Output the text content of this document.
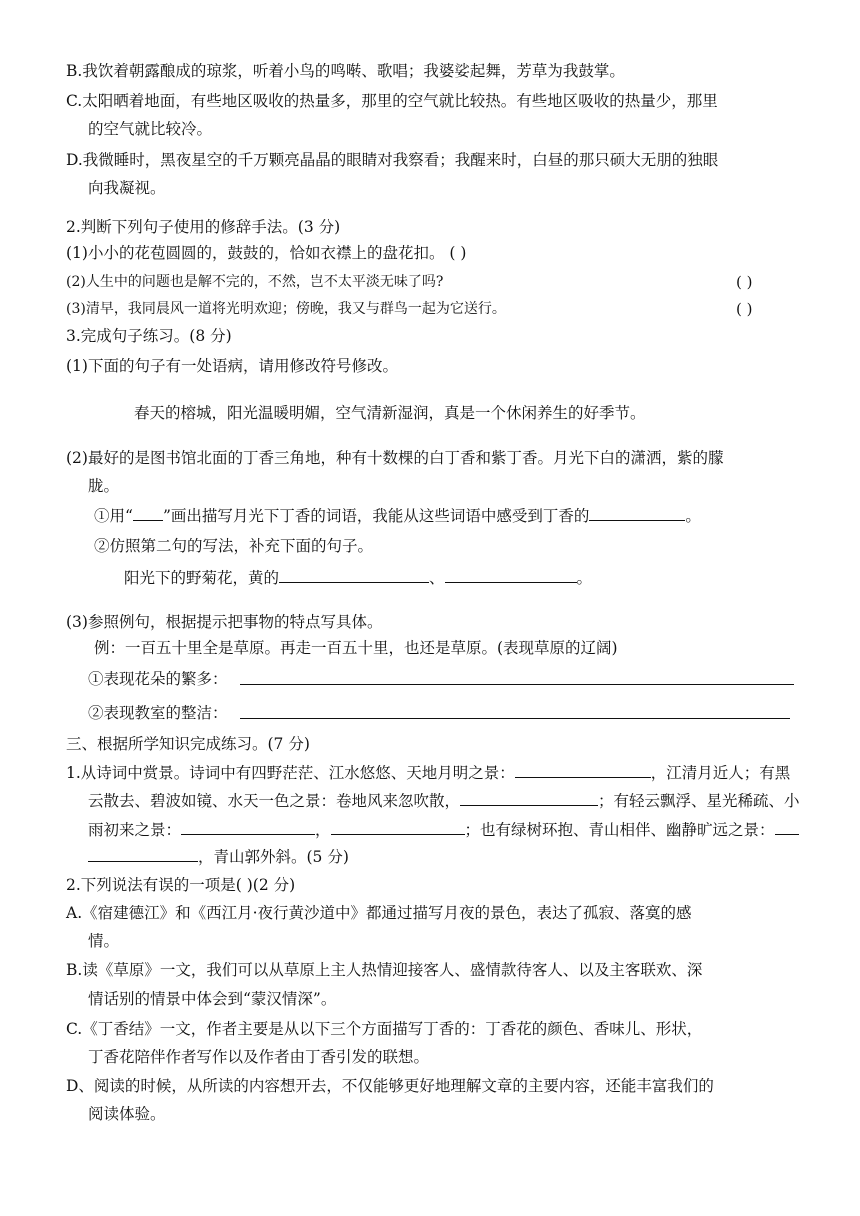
B.我饮着朝露酿成的琼浆，听着小鸟的鸣啭、歌唱；我婆娑起舞，芳草为我鼓掌。
C.太阳晒着地面，有些地区吸收的热量多，那里的空气就比较热。有些地区吸收的热量少，那里
的空气就比较冷。
D.我微睡时，黑夜星空的千万颗亮晶晶的眼睛对我察看；我醒来时，白昼的那只硕大无朋的独眼
向我凝视。
2.判断下列句子使用的修辞手法。(3 分)
(1)小小的花苞圆圆的，鼓鼓的，恰如衣襟上的盘花扣。 ( )
(2)人生中的问题也是解不完的，不然，岂不太平淡无味了吗?	( )
(3)清早，我同晨风一道将光明欢迎；傍晚，我又与群鸟一起为它送行。	( )
3.完成句子练习。(8 分)
(1)下面的句子有一处语病，请用修改符号修改。
春天的榕城，阳光温暖明媚，空气清新湿润，真是一个休闲养生的好季节。
(2)最好的是图书馆北面的丁香三角地，种有十数棵的白丁香和紫丁香。月光下白的潇洒，紫的朦
胧。
①用“ ”画出描写月光下丁香的词语，我能从这些词语中感受到丁香的	。
②仿照第二句的写法，补充下面的句子。
阳光下的野菊花，黄的	、	。
(3)参照例句，根据提示把事物的特点写具体。
例：一百五十里全是草原。再走一百五十里，也还是草原。(表现草原的辽阔)
①表现花朵的繁多：
②表现教室的整洁：
三、根据所学知识完成练习。(7 分)
1.从诗词中赏景。诗词中有四野茫茫、江水悠悠、天地月明之景：	，江清月近人；有黑
云散去、碧波如镜、水天一色之景：卷地风来忽吹散，	；有轻云飘浮、星光稀疏、小
雨初来之景：	，	；也有绿树环抱、青山相伴、幽静旷远之景：
，青山郭外斜。(5 分)
2.下列说法有误的一项是( )(2 分)
A.《宿建德江》和《西江月·夜行黄沙道中》都通过描写月夜的景色，表达了孤寂、落寞的感
情。
B.读《草原》一文，我们可以从草原上主人热情迎接客人、盛情款待客人、以及主客联欢、深
情话别的情景中体会到“蒙汉情深”。
C.《丁香结》一文，作者主要是从以下三个方面描写丁香的：丁香花的颜色、香味儿、形状，
丁香花陪伴作者写作以及作者由丁香引发的联想。
D、阅读的时候，从所读的内容想开去，不仅能够更好地理解文章的主要内容，还能丰富我们的
阅读体验。
